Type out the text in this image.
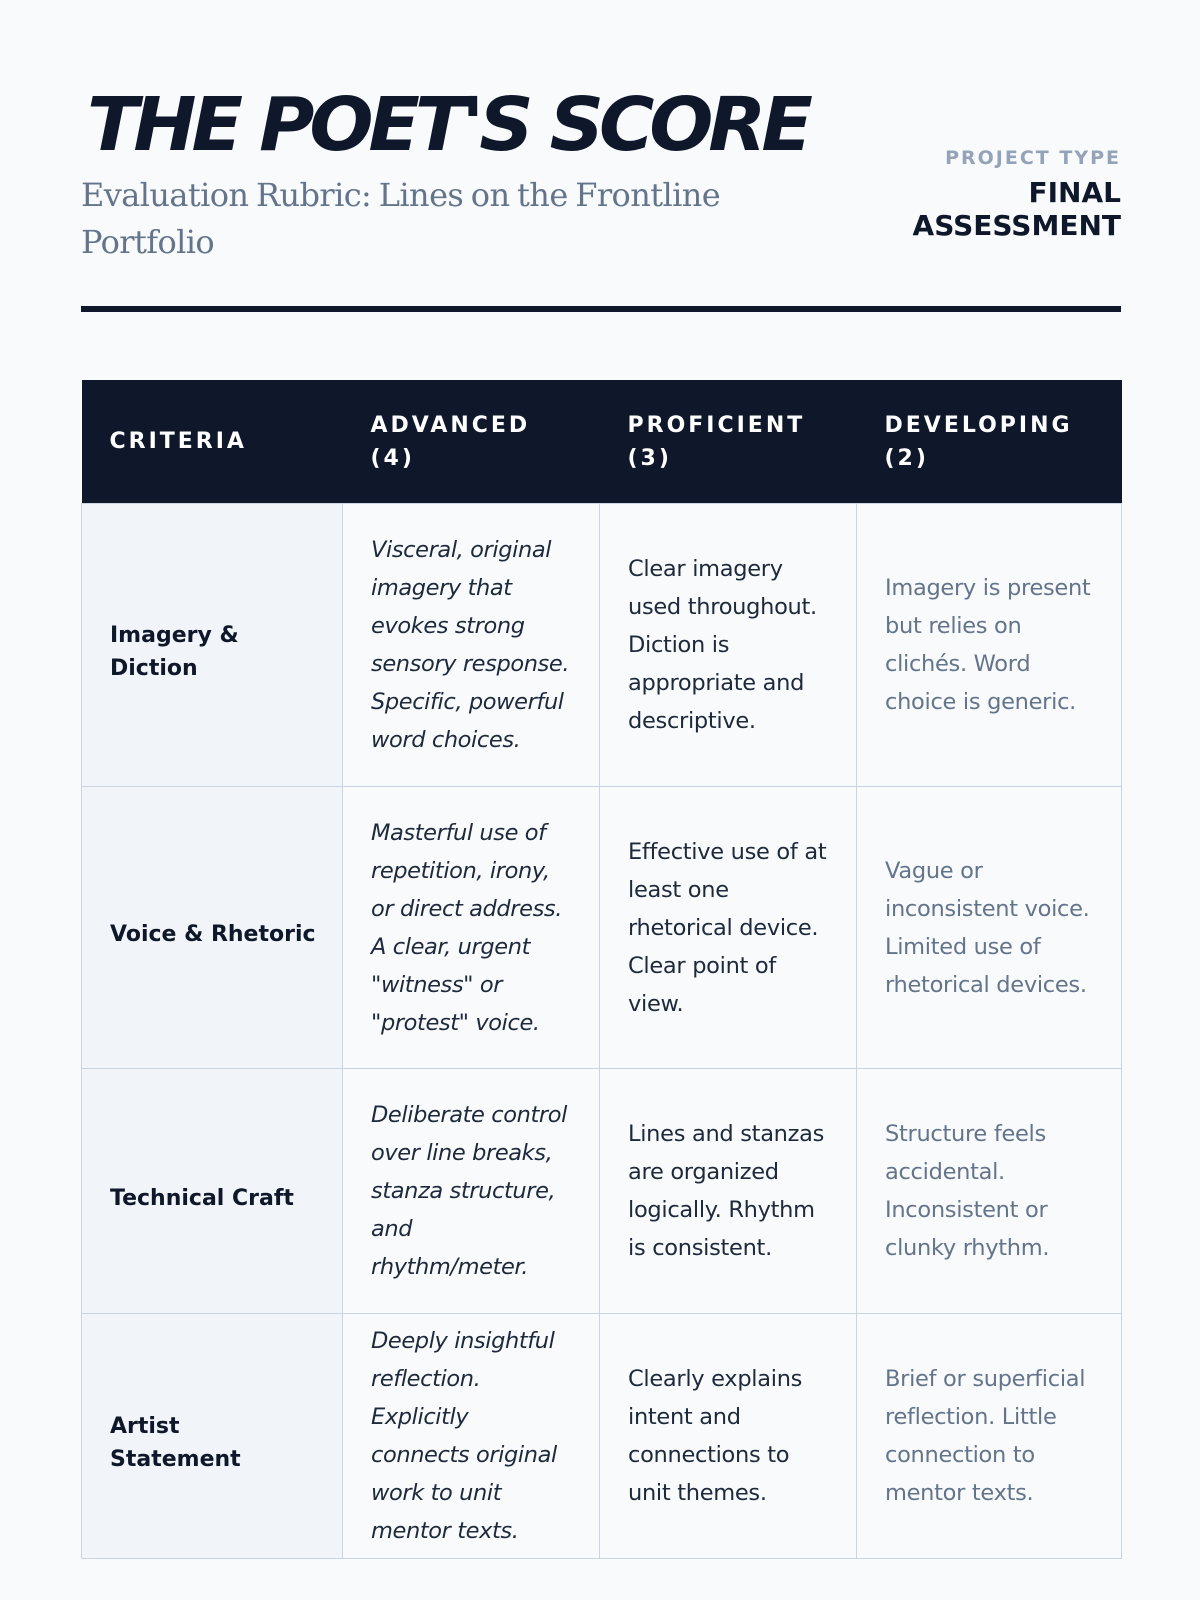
THE POET'S SCORE

Evaluation Rubric: Lines on the Frontline Portfolio

PROJECT TYPE
FINAL ASSESSMENT
CRITERIA	ADVANCED (4)	PROFICIENT (3)	DEVELOPING (2)
Imagery & Diction	Visceral, original imagery that evokes strong sensory response. Specific, powerful word choices.	Clear imagery used throughout. Diction is appropriate and descriptive.	Imagery is present but relies on clichés. Word choice is generic.
Voice & Rhetoric	Masterful use of repetition, irony, or direct address. A clear, urgent "witness" or "protest" voice.	Effective use of at least one rhetorical device. Clear point of view.	Vague or inconsistent voice. Limited use of rhetorical devices.
Technical Craft	Deliberate control over line breaks, stanza structure, and rhythm/meter.	Lines and stanzas are organized logically. Rhythm is consistent.	Structure feels accidental. Inconsistent or clunky rhythm.
Artist Statement	Deeply insightful reflection. Explicitly connects original work to unit mentor texts.	Clearly explains intent and connections to unit themes.	Brief or superficial reflection. Little connection to mentor texts.
